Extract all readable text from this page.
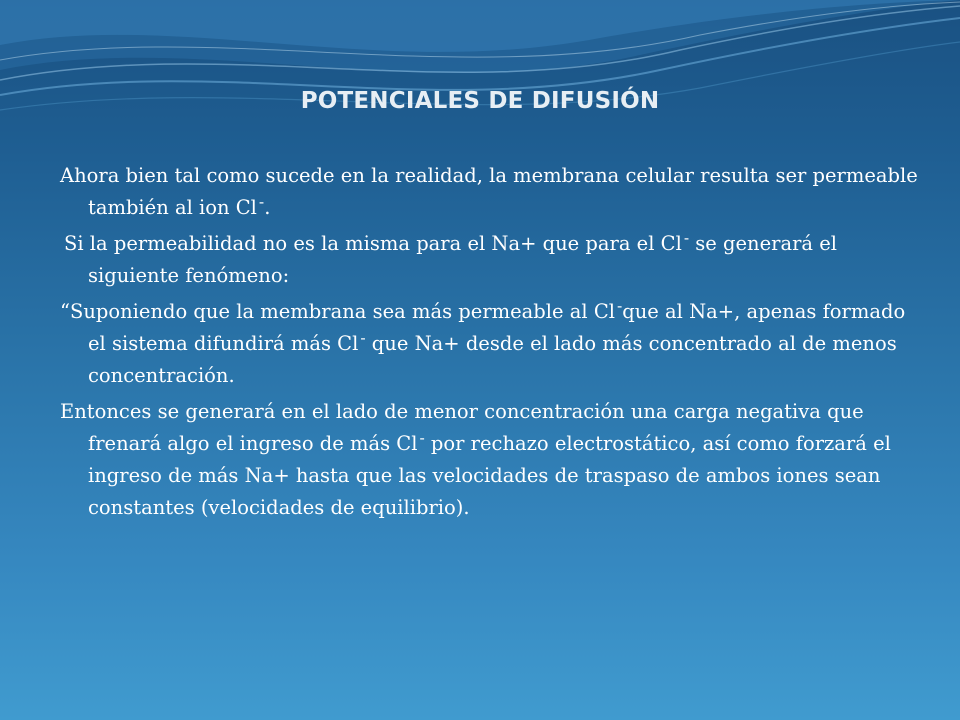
POTENCIALES DE DIFUSIÓN

Ahora bien tal como sucede en la realidad, la membrana celular resulta ser permeable también al ion Cl -.

Si la permeabilidad no es la misma para el Na+ que para el Cl - se generará el siguiente fenómeno:

“Suponiendo que la membrana sea más permeable al Cl -que al Na+, apenas formado el sistema difundirá más Cl - que Na+ desde el lado más concentrado al de menos concentración.

Entonces se generará en el lado de menor concentración una carga negativa que frenará algo el ingreso de más Cl - por rechazo electrostático, así como forzará el ingreso de más Na+ hasta que las velocidades de traspaso de ambos iones sean constantes (velocidades de equilibrio).
